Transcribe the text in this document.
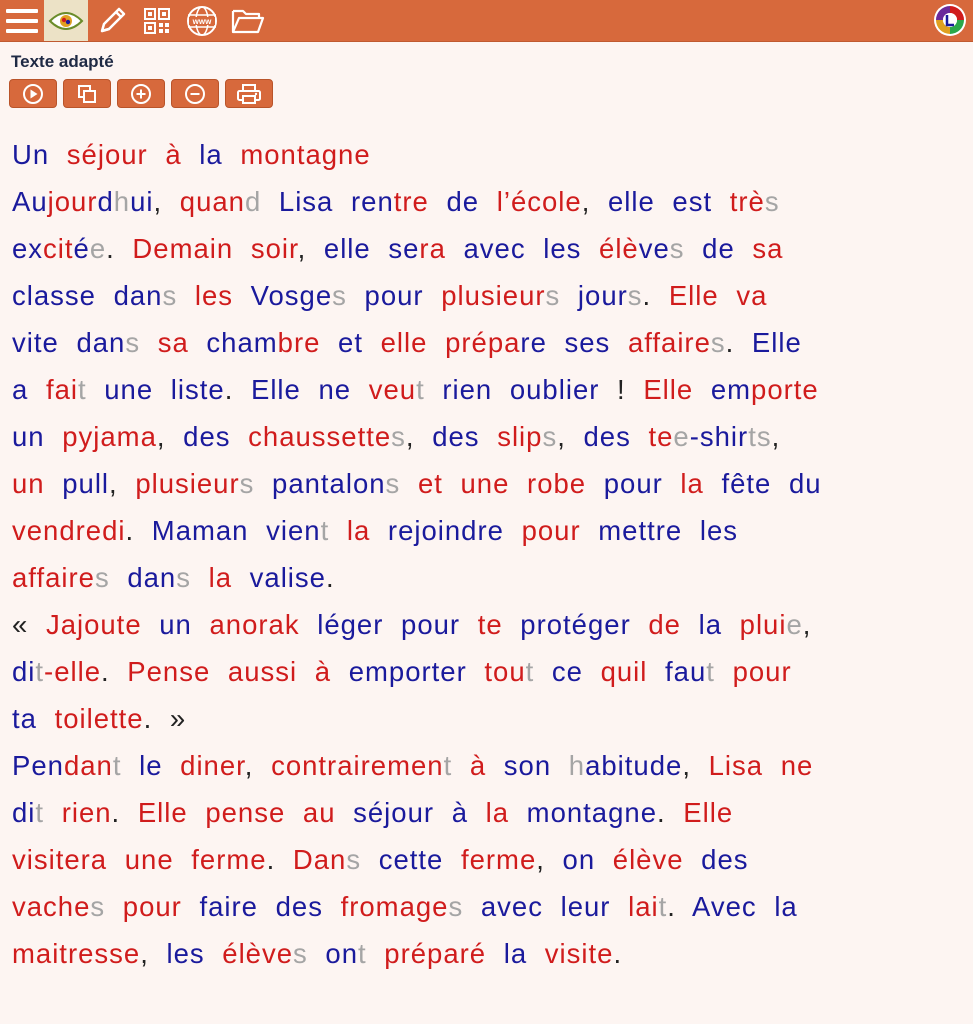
www
Texte adapté
Un séjour à la montagne
Aujourdhui, quand Lisa rentre de l’école, elle est très
excitée. Demain soir, elle sera avec les élèves de sa
classe dans les Vosges pour plusieurs jours. Elle va
vite dans sa chambre et elle prépare ses affaires. Elle
a fait une liste. Elle ne veut rien oublier ! Elle emporte
un pyjama, des chaussettes, des slips, des tee-shirts,
un pull, plusieurs pantalons et une robe pour la fête du
vendredi. Maman vient la rejoindre pour mettre les
affaires dans la valise.
« Jajoute un anorak léger pour te protéger de la pluie,
dit-elle. Pense aussi à emporter tout ce quil faut pour
ta toilette. »
Pendant le diner, contrairement à son habitude, Lisa ne
dit rien. Elle pense au séjour à la montagne. Elle
visitera une ferme. Dans cette ferme, on élève des
vaches pour faire des fromages avec leur lait. Avec la
maitresse, les élèves ont préparé la visite.
